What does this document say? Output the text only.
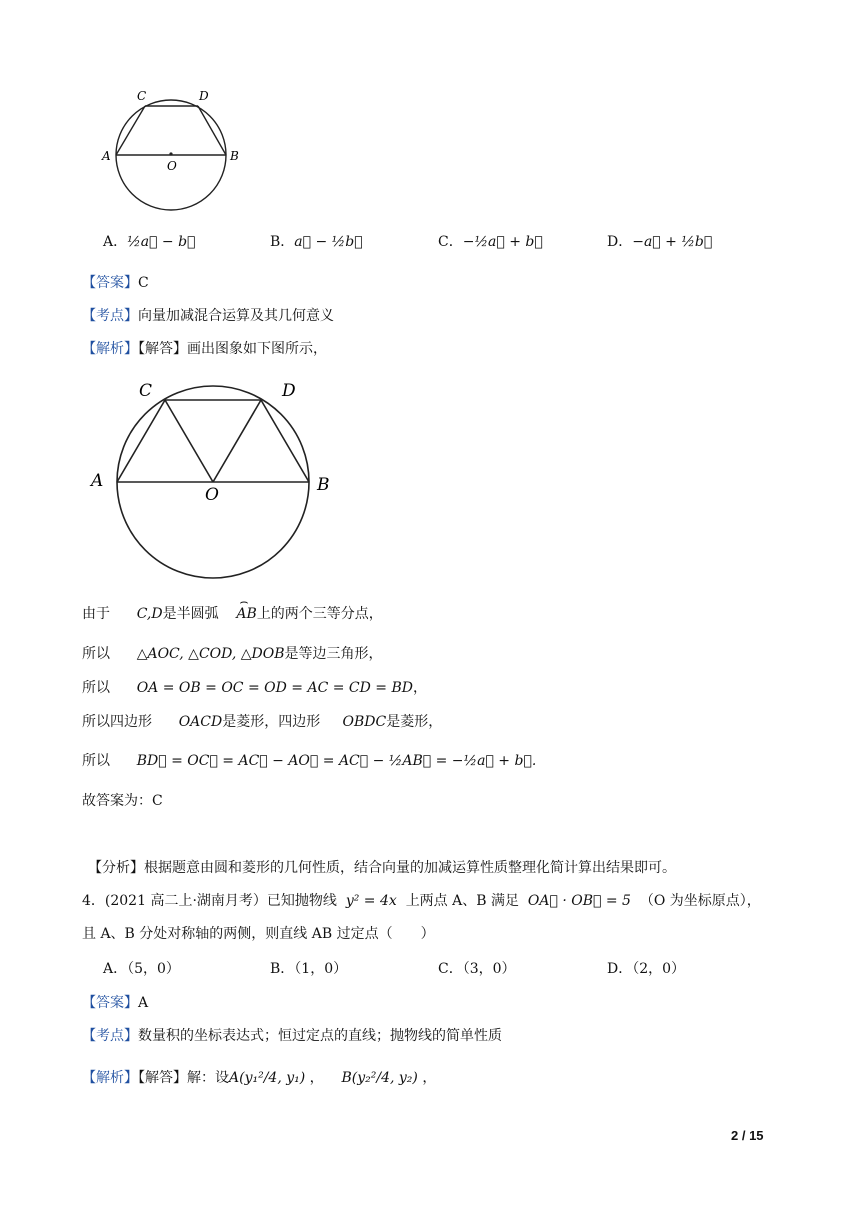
C	D
A	B
O
A．½a⃗ − b⃗	B．a⃗ − ½b⃗	C．−½a⃗ + b⃗	D．−a⃗ + ½b⃗
【答案】C
【考点】向量加减混合运算及其几何意义
【解析】【解答】画出图象如下图所示，
C	D
A	B
O
由于 C,D是半圆弧
⌢
AB上的两个三等分点，
所以 △AOC, △COD, △DOB是等边三角形，
所以 OA = OB = OC = OD = AC = CD = BD，
所以四边形 OACD是菱形，四边形 OBDC是菱形，
所以 BD⃗ = OC⃗ = AC⃗ − AO⃗ = AC⃗ − ½AB⃗ = −½a⃗ + b⃗.
故答案为：C
【分析】根据题意由圆和菱形的几何性质，结合向量的加减运算性质整理化简计算出结果即可。
4．(2021 高二上·湖南月考）已知抛物线 y² = 4x 上两点 A、B 满足 OA⃗ · OB⃗ = 5 （O 为坐标原点），
且 A、B 分处对称轴的两侧，则直线 AB 过定点（　　）
A．（5，0）	B．（1，0）	C．（3，0）	D．（2，0）
【答案】A
【考点】数量积的坐标表达式；恒过定点的直线；抛物线的简单性质
【解析】【解答】解：设A(y₁²/4, y₁) ， B(y₂²/4, y₂) ，
2 / 15
